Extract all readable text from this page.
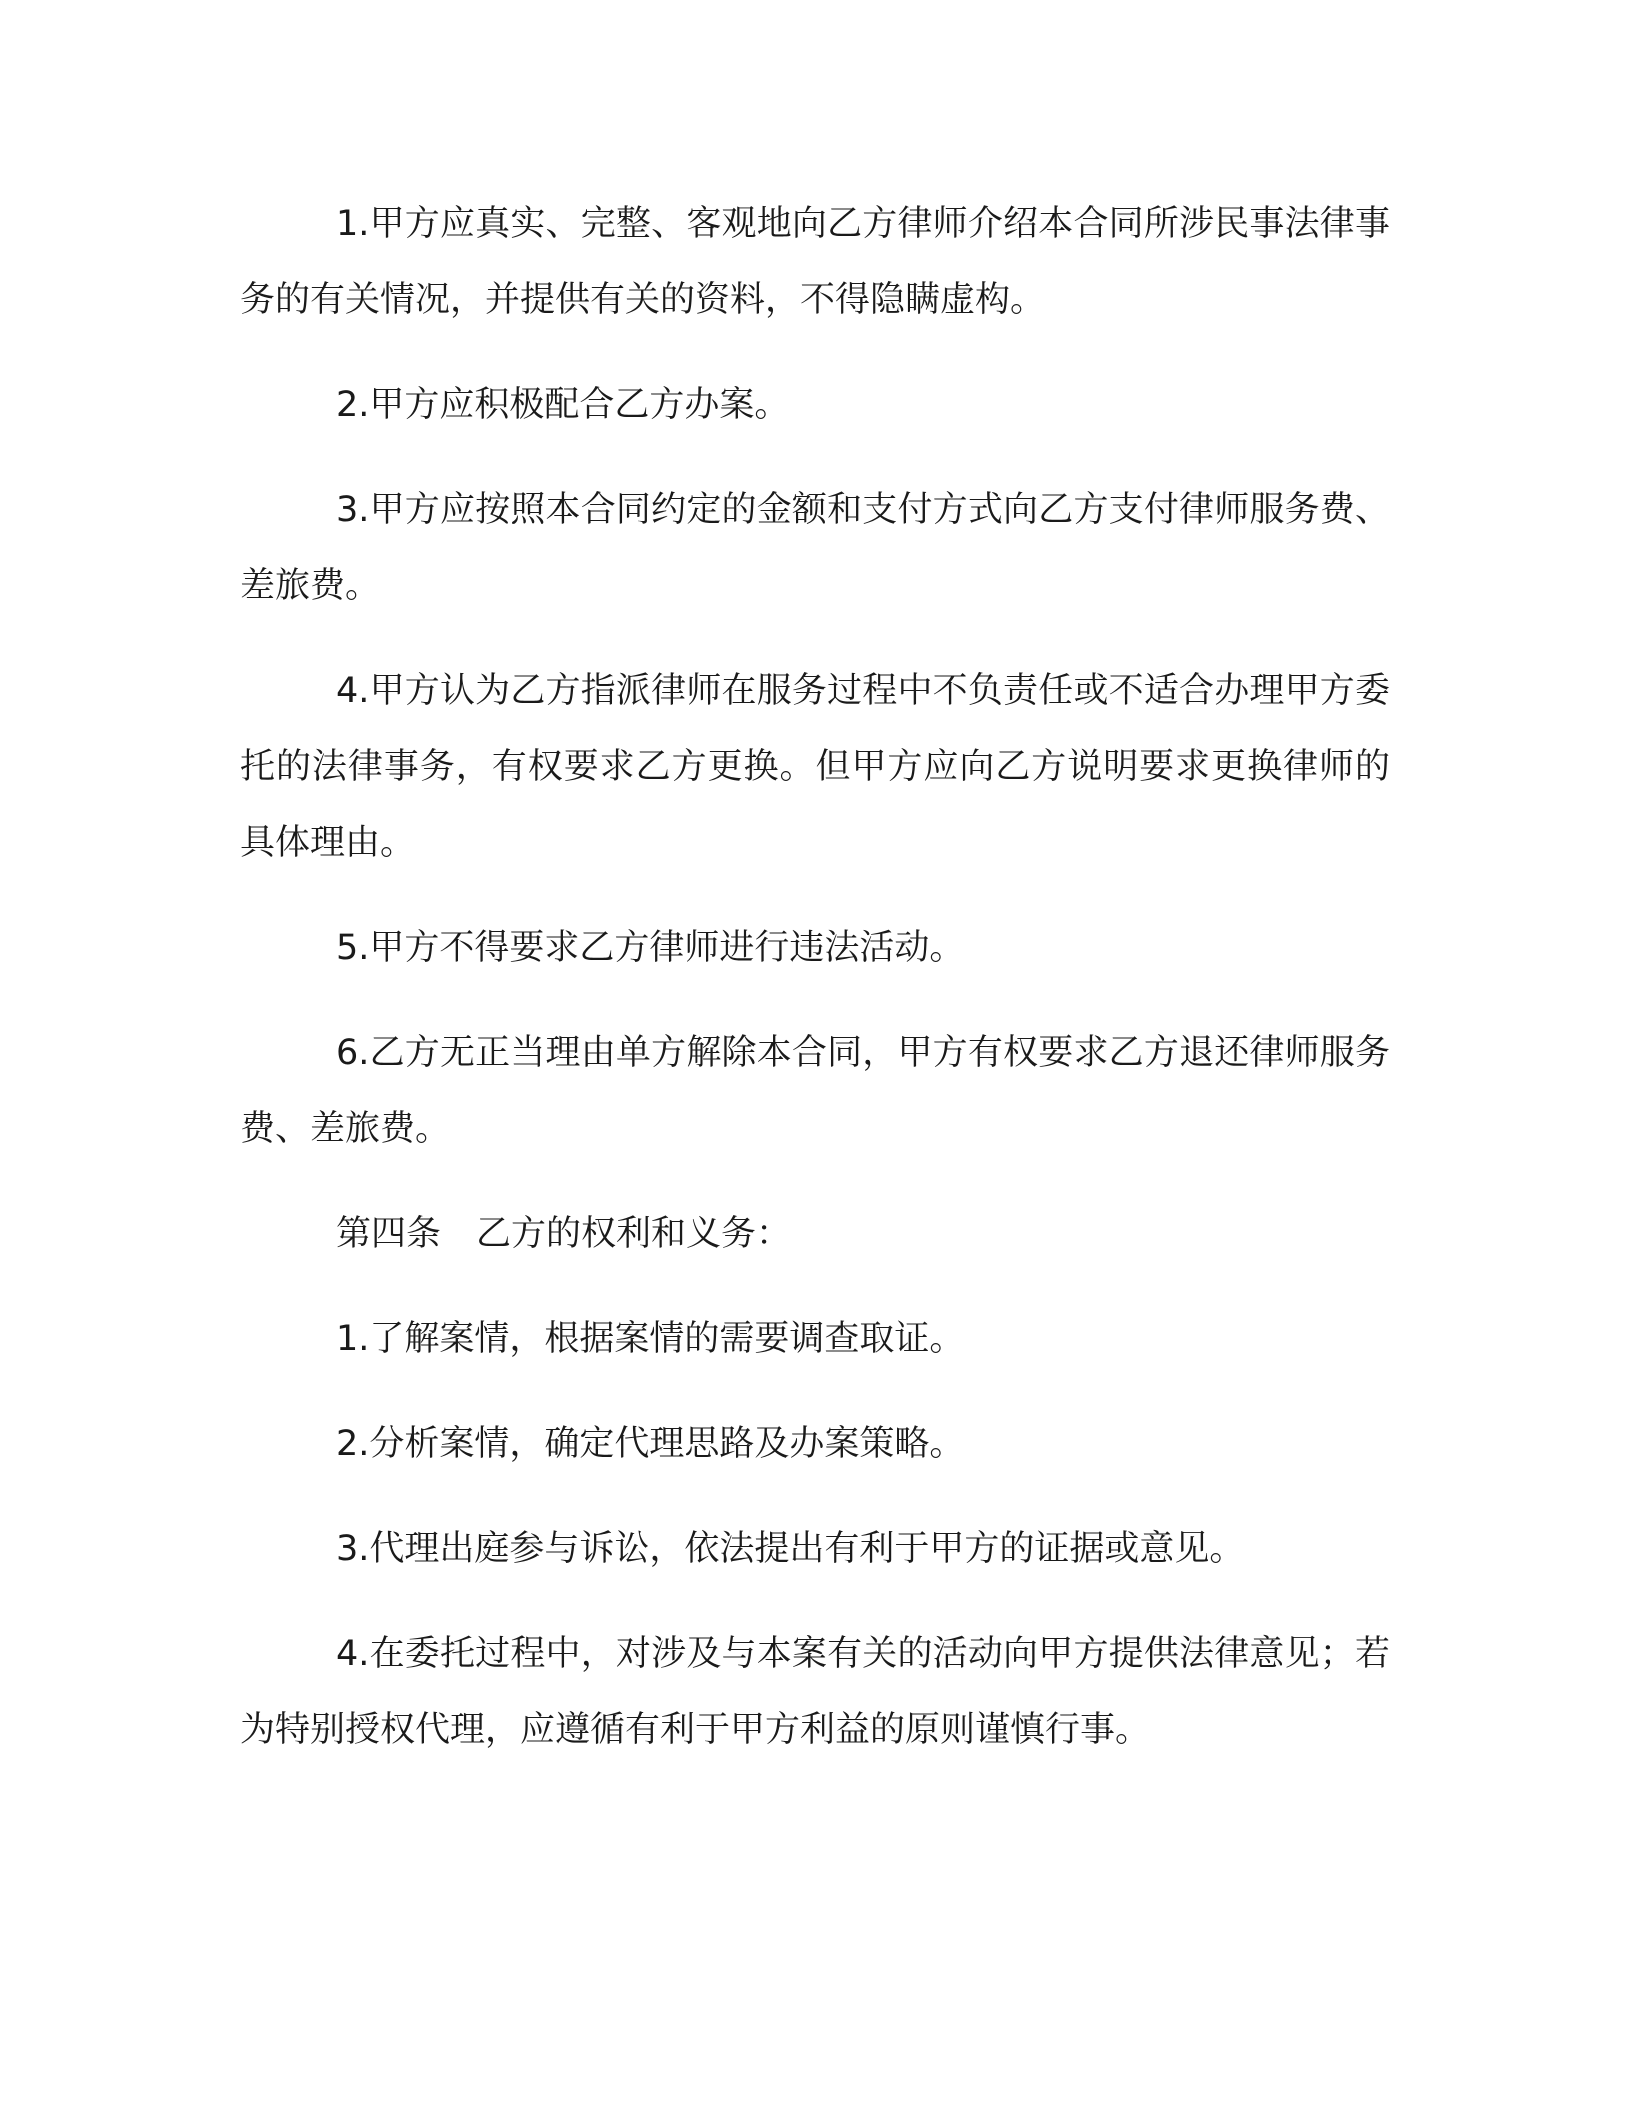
1.甲方应真实、完整、客观地向乙方律师介绍本合同所涉民事法律事务的有关情况，并提供有关的资料，不得隐瞒虚构。

2.甲方应积极配合乙方办案。

3.甲方应按照本合同约定的金额和支付方式向乙方支付律师服务费、差旅费。

4.甲方认为乙方指派律师在服务过程中不负责任或不适合办理甲方委托的法律事务，有权要求乙方更换。但甲方应向乙方说明要求更换律师的具体理由。

5.甲方不得要求乙方律师进行违法活动。

6.乙方无正当理由单方解除本合同，甲方有权要求乙方退还律师服务费、差旅费。

第四条　乙方的权利和义务：

1.了解案情，根据案情的需要调查取证。

2.分析案情，确定代理思路及办案策略。

3.代理出庭参与诉讼，依法提出有利于甲方的证据或意见。

4.在委托过程中，对涉及与本案有关的活动向甲方提供法律意见；若为特别授权代理，应遵循有利于甲方利益的原则谨慎行事。
